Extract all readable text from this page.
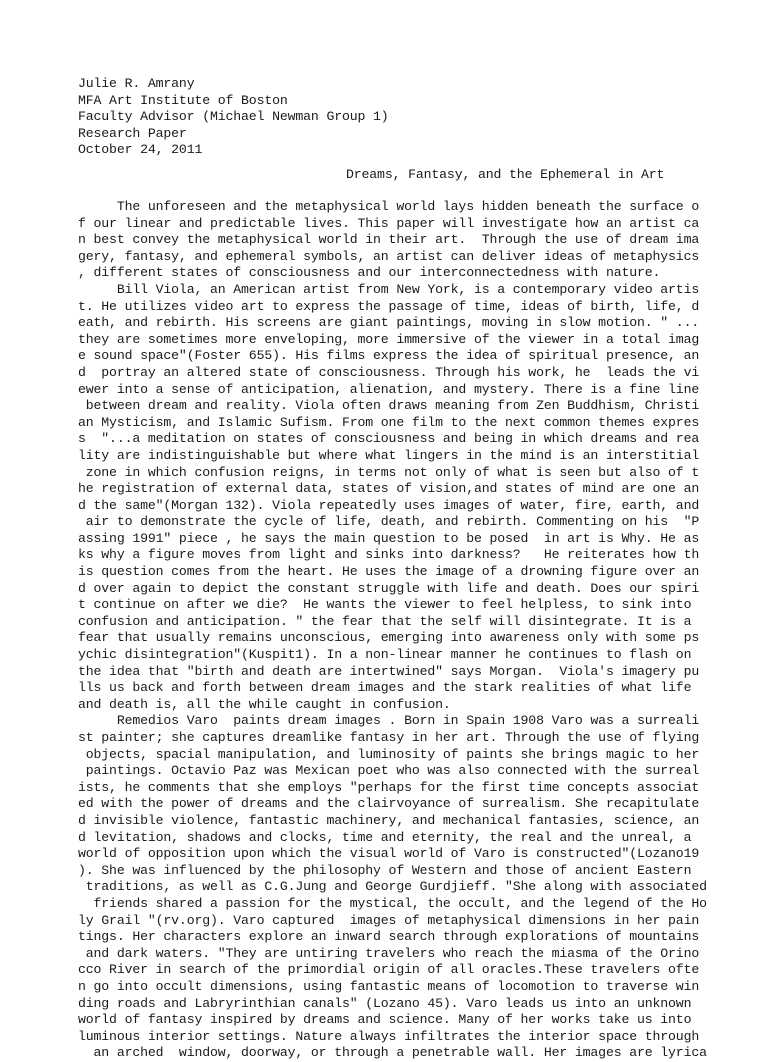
Julie R. Amrany
MFA Art Institute of Boston
Faculty Advisor (Michael Newman Group 1)
Research Paper
October 24, 2011
Dreams, Fantasy, and the Ephemeral in Art
The unforeseen and the metaphysical world lays hidden beneath the surface o
f our linear and predictable lives. This paper will investigate how an artist ca
n best convey the metaphysical world in their art.  Through the use of dream ima
gery, fantasy, and ephemeral symbols, an artist can deliver ideas of metaphysics
, different states of consciousness and our interconnectedness with nature.
Bill Viola, an American artist from New York, is a contemporary video artis
t. He utilizes video art to express the passage of time, ideas of birth, life, d
eath, and rebirth. His screens are giant paintings, moving in slow motion. " ...
they are sometimes more enveloping, more immersive of the viewer in a total imag
e sound space"(Foster 655). His films express the idea of spiritual presence, an
d  portray an altered state of consciousness. Through his work, he  leads the vi
ewer into a sense of anticipation, alienation, and mystery. There is a fine line
between dream and reality. Viola often draws meaning from Zen Buddhism, Christi
an Mysticism, and Islamic Sufism. From one film to the next common themes expres
s  "...a meditation on states of consciousness and being in which dreams and rea
lity are indistinguishable but where what lingers in the mind is an interstitial
zone in which confusion reigns, in terms not only of what is seen but also of t
he registration of external data, states of vision,and states of mind are one an
d the same"(Morgan 132). Viola repeatedly uses images of water, fire, earth, and
air to demonstrate the cycle of life, death, and rebirth. Commenting on his  "P
assing 1991" piece , he says the main question to be posed  in art is Why. He as
ks why a figure moves from light and sinks into darkness?   He reiterates how th
is question comes from the heart. He uses the image of a drowning figure over an
d over again to depict the constant struggle with life and death. Does our spiri
t continue on after we die?  He wants the viewer to feel helpless, to sink into
confusion and anticipation. " the fear that the self will disintegrate. It is a
fear that usually remains unconscious, emerging into awareness only with some ps
ychic disintegration"(Kuspit1). In a non-linear manner he continues to flash on
the idea that "birth and death are intertwined" says Morgan.  Viola's imagery pu
lls us back and forth between dream images and the stark realities of what life
and death is, all the while caught in confusion.
Remedios Varo  paints dream images . Born in Spain 1908 Varo was a surreali
st painter; she captures dreamlike fantasy in her art. Through the use of flying
objects, spacial manipulation, and luminosity of paints she brings magic to her
paintings. Octavio Paz was Mexican poet who was also connected with the surreal
ists, he comments that she employs "perhaps for the first time concepts associat
ed with the power of dreams and the clairvoyance of surrealism. She recapitulate
d invisible violence, fantastic machinery, and mechanical fantasies, science, an
d levitation, shadows and clocks, time and eternity, the real and the unreal, a
world of opposition upon which the visual world of Varo is constructed"(Lozano19
). She was influenced by the philosophy of Western and those of ancient Eastern
traditions, as well as C.G.Jung and George Gurdjieff. "She along with associated
friends shared a passion for the mystical, the occult, and the legend of the Ho
ly Grail "(rv.org). Varo captured  images of metaphysical dimensions in her pain
tings. Her characters explore an inward search through explorations of mountains
and dark waters. "They are untiring travelers who reach the miasma of the Orino
cco River in search of the primordial origin of all oracles.These travelers ofte
n go into occult dimensions, using fantastic means of locomotion to traverse win
ding roads and Labryrinthian canals" (Lozano 45). Varo leads us into an unknown
world of fantasy inspired by dreams and science. Many of her works take us into
luminous interior settings. Nature always infiltrates the interior space through
an arched  window, doorway, or through a penetrable wall. Her images are lyrica
